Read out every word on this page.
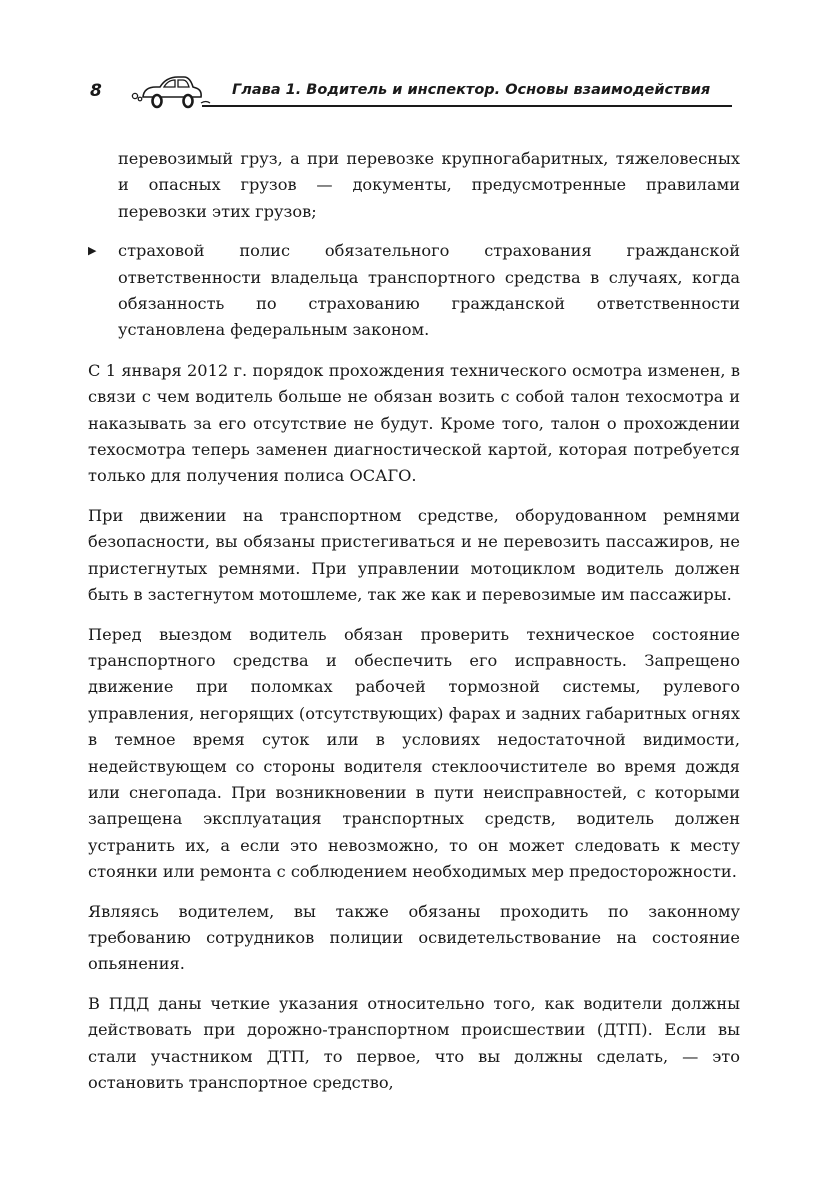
8	Глава 1. Водитель и инспектор. Основы взаимодействия

перевозимый груз, а при перевозке крупногабаритных, тяжеловесных и опасных грузов — документы, предусмотренные правилами перевозки этих грузов;

▶ страховой полис обязательного страхования гражданской ответственности владельца транспортного средства в случаях, когда обязанность по страхованию гражданской ответственности установлена федеральным законом.

С 1 января 2012 г. порядок прохождения технического осмотра изменен, в связи с чем водитель больше не обязан возить с собой талон техосмотра и наказывать за его отсутствие не будут. Кроме того, талон о прохождении техосмотра теперь заменен диагностической картой, которая потребуется только для получения полиса ОСАГО.

При движении на транспортном средстве, оборудованном ремнями безопасности, вы обязаны пристегиваться и не перевозить пассажиров, не пристегнутых ремнями. При управлении мотоциклом водитель должен быть в застегнутом мотошлеме, так же как и перевозимые им пассажиры.

Перед выездом водитель обязан проверить техническое состояние транспортного средства и обеспечить его исправность. Запрещено движение при поломках рабочей тормозной системы, рулевого управления, негорящих (отсутствующих) фарах и задних габаритных огнях в темное время суток или в условиях недостаточной видимости, недействующем со стороны водителя стеклоочистителе во время дождя или снегопада. При возникновении в пути неисправностей, с которыми запрещена эксплуатация транспортных средств, водитель должен устранить их, а если это невозможно, то он может следовать к месту стоянки или ремонта с соблюдением необходимых мер предосторожности.

Являясь водителем, вы также обязаны проходить по законному требованию сотрудников полиции освидетельствование на состояние опьянения.

В ПДД даны четкие указания относительно того, как водители должны действовать при дорожно-транспортном происшествии (ДТП). Если вы стали участником ДТП, то первое, что вы должны сделать, — это остановить транспортное средство,
